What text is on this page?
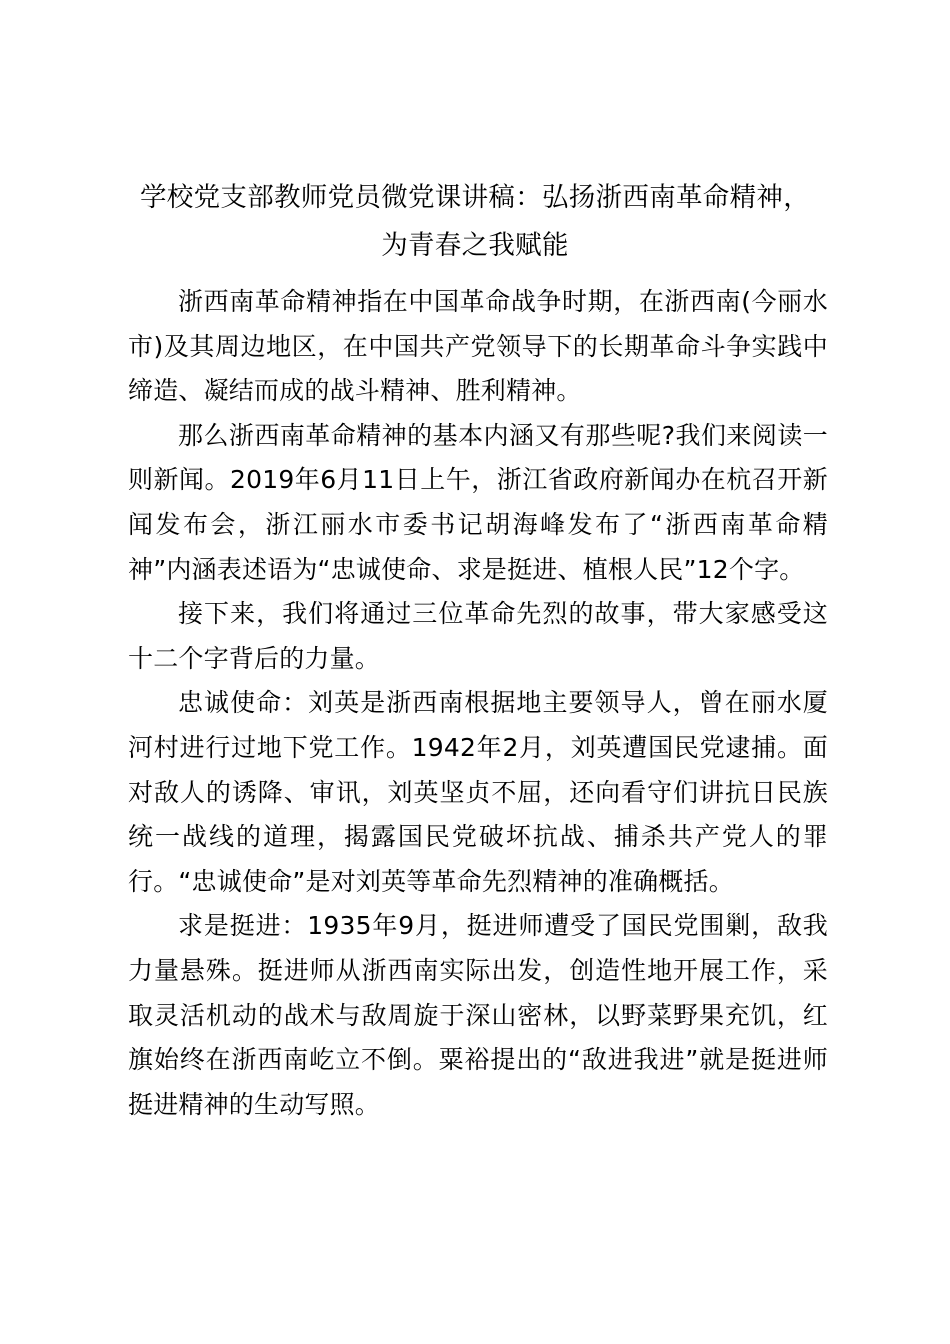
学校党支部教师党员微党课讲稿：弘扬浙西南革命精神，为青春之我赋能

浙西南革命精神指在中国革命战争时期，在浙西南(今丽水市)及其周边地区，在中国共产党领导下的长期革命斗争实践中缔造、凝结而成的战斗精神、胜利精神。

那么浙西南革命精神的基本内涵又有那些呢?我们来阅读一则新闻。2019年6月11日上午，浙江省政府新闻办在杭召开新闻发布会，浙江丽水市委书记胡海峰发布了“浙西南革命精神”内涵表述语为“忠诚使命、求是挺进、植根人民”12个字。

接下来，我们将通过三位革命先烈的故事，带大家感受这十二个字背后的力量。

忠诚使命：刘英是浙西南根据地主要领导人，曾在丽水厦河村进行过地下党工作。1942年2月，刘英遭国民党逮捕。面对敌人的诱降、审讯，刘英坚贞不屈，还向看守们讲抗日民族统一战线的道理，揭露国民党破坏抗战、捕杀共产党人的罪行。“忠诚使命”是对刘英等革命先烈精神的准确概括。

求是挺进：1935年9月，挺进师遭受了国民党围剿，敌我力量悬殊。挺进师从浙西南实际出发，创造性地开展工作，采取灵活机动的战术与敌周旋于深山密林，以野菜野果充饥，红旗始终在浙西南屹立不倒。粟裕提出的“敌进我进”就是挺进师挺进精神的生动写照。
